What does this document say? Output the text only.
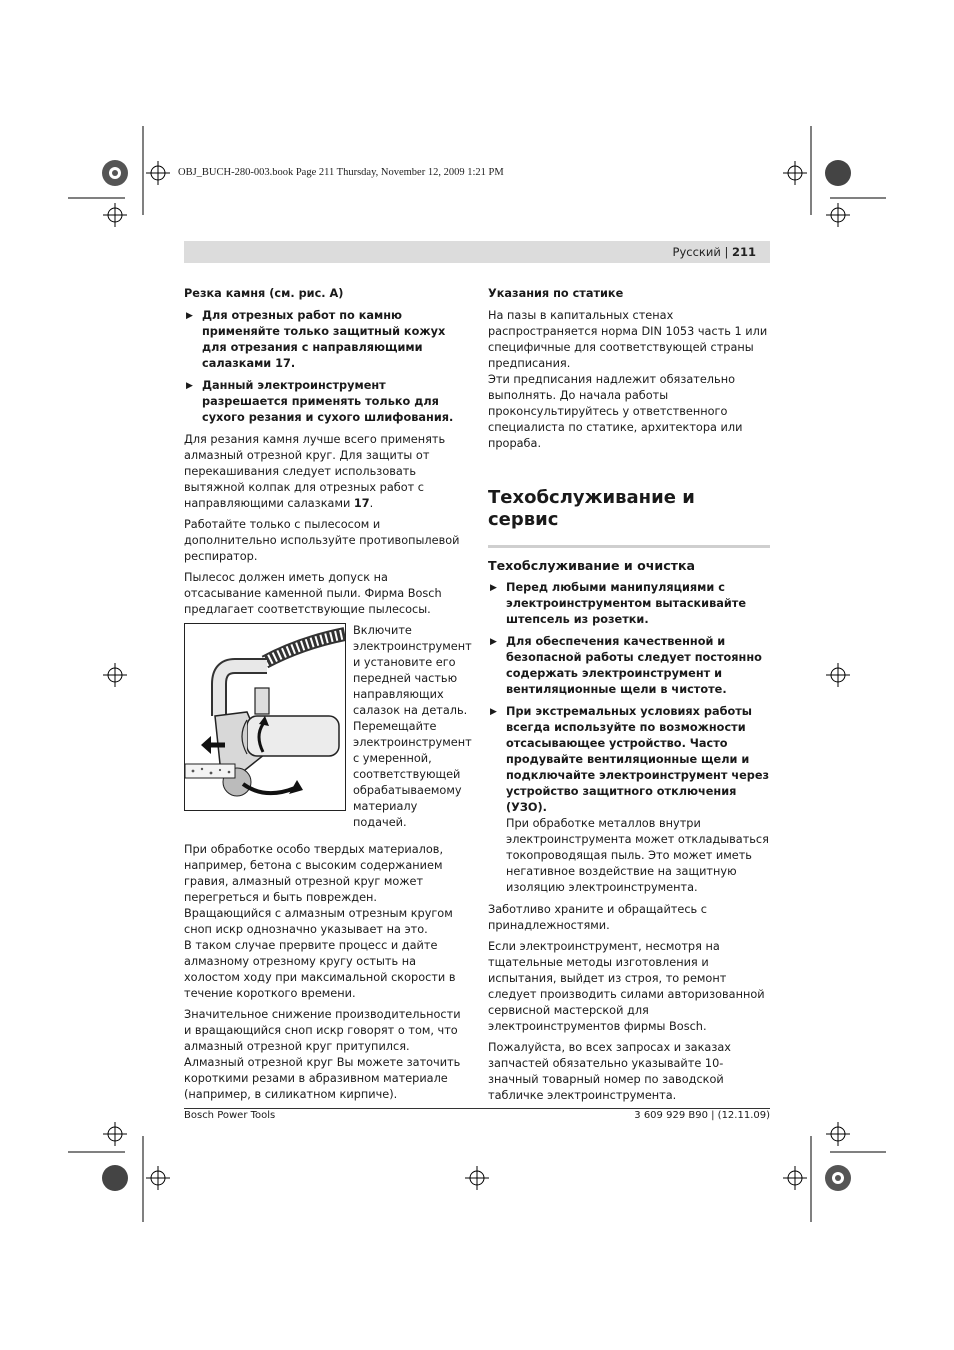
OBJ_BUCH-280-003.book Page 211 Thursday, November 12, 2009 1:21 PM
Русский | 211
Резка камня (см. рис. А)
▶ Для отрезных работ по камню применяйте только защитный кожух для отрезания с направляющими салазками 17.
▶ Данный электроинструмент разрешается применять только для сухого резания и сухого шлифования.

Для резания камня лучше всего применять алмазный отрезной круг. Для защиты от перекашивания следует использовать вытяжной колпак для отрезных работ с направляющими салазками 17.

Работайте только с пылесосом и дополнительно используйте противопылевой респиратор.

Пылесос должен иметь допуск на отсасывание каменной пыли. Фирма Bosch предлагает соответствующие пылесосы.

Включите электроинструмент и установите его передней частью направляющих салазок на деталь. Перемещайте электроинструмент с умеренной, соответствующей обрабатываемому материалу подачей.

При обработке особо твердых материалов, например, бетона с высоким содержанием гравия, алмазный отрезной круг может перегреться и быть поврежден. Вращающийся с алмазным отрезным кругом сноп искр однозначно указывает на это.

В таком случае прервите процесс и дайте алмазному отрезному кругу остыть на холостом ходу при максимальной скорости в течение короткого времени.

Значительное снижение производительности и вращающийся сноп искр говорят о том, что алмазный отрезной круг притупился. Алмазный отрезной круг Вы можете заточить короткими резами в абразивном материале (например, в силикатном кирпиче).

Указания по статике

На пазы в капитальных стенах распространяется норма DIN 1053 часть 1 или специфичные для соответствующей страны предписания.

Эти предписания надлежит обязательно выполнять. До начала работы проконсультируйтесь у ответственного специалиста по статике, архитектора или прораба.

Техобслуживание и сервис
Техобслуживание и очистка
▶ Перед любыми манипуляциями с электроинструментом вытаскивайте штепсель из розетки.
▶ Для обеспечения качественной и безопасной работы следует постоянно содержать электроинструмент и вентиляционные щели в чистоте.
▶ При экстремальных условиях работы всегда используйте по возможности отсасывающее устройство. Часто продувайте вентиляционные щели и подключайте электроинструмент через устройство защитного отключения (УЗО).
При обработке металлов внутри электроинструмента может откладываться токопроводящая пыль. Это может иметь негативное воздействие на защитную изоляцию электроинструмента.

Заботливо храните и обращайтесь с принадлежностями.

Если электроинструмент, несмотря на тщательные методы изготовления и испытания, выйдет из строя, то ремонт следует производить силами авторизованной сервисной мастерской для электроинструментов фирмы Bosch.

Пожалуйста, во всех запросах и заказах запчастей обязательно указывайте 10-значный товарный номер по заводской табличке электроинструмента.

Bosch Power Tools	3 609 929 B90 | (12.11.09)
